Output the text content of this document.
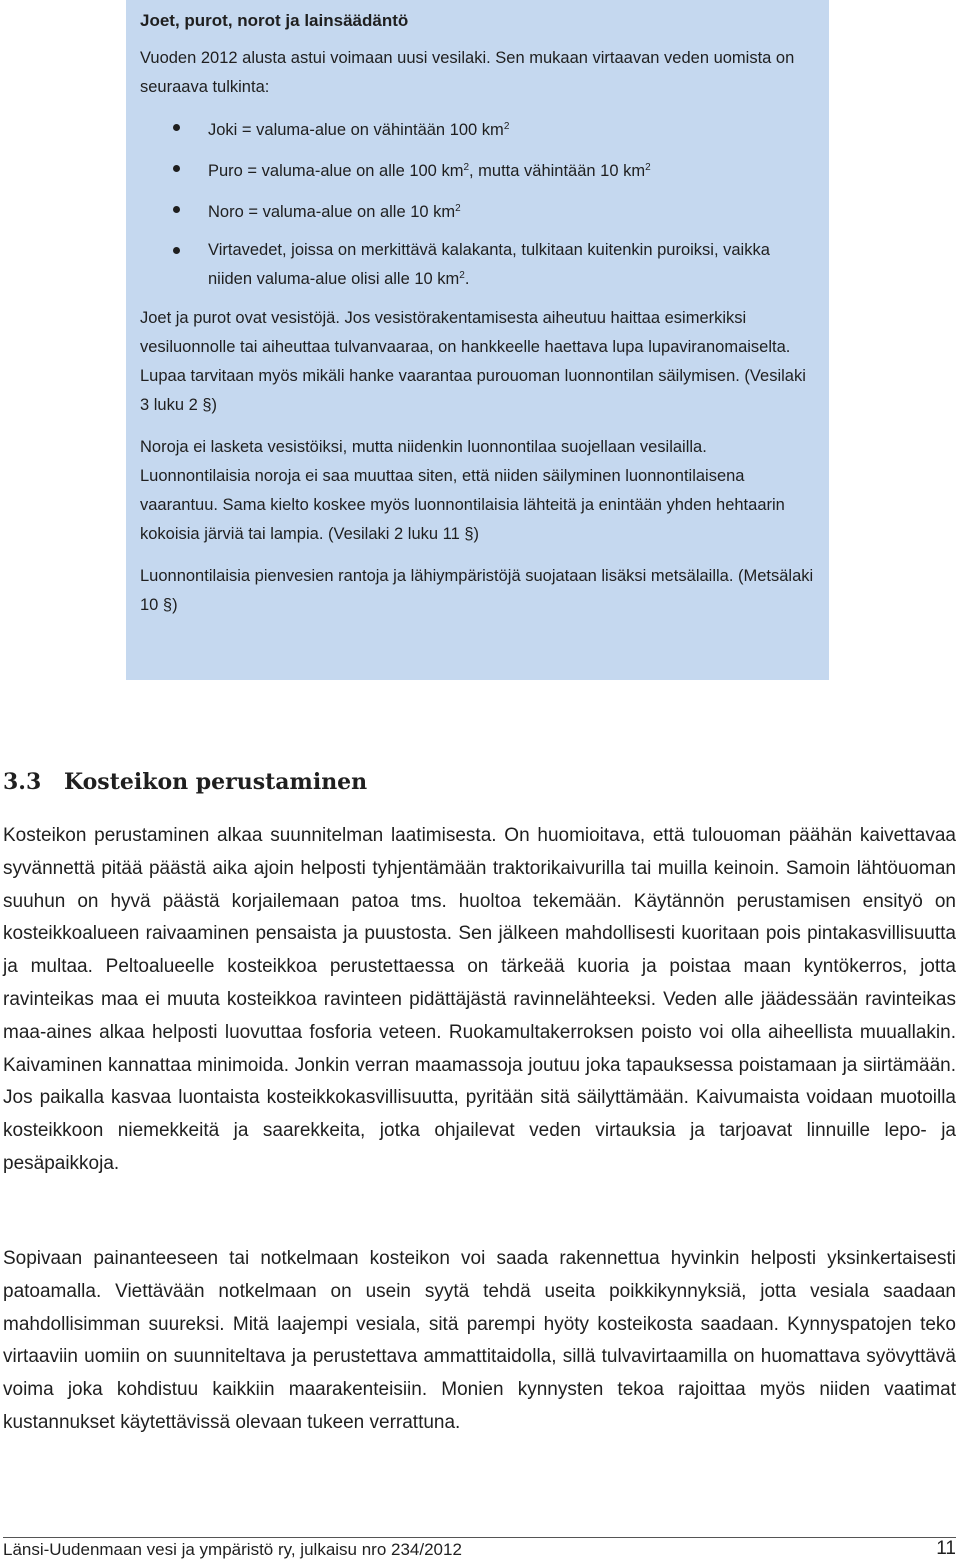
Joet, purot, norot ja lainsäädäntö

Vuoden 2012 alusta astui voimaan uusi vesilaki. Sen mukaan virtaavan veden uomista on seuraava tulkinta:

Joki = valuma-alue on vähintään 100 $km^2$
Puro = valuma-alue on alle 100 $km^2$, mutta vähintään 10 $km^2$
Noro = valuma-alue on alle 10 $km^2$
Virtavedet, joissa on merkittävä kalakanta, tulkitaan kuitenkin puroiksi, vaikka niiden valuma-alue olisi alle 10 $km^2$.

Joet ja purot ovat vesistöjä. Jos vesistörakentamisesta aiheutuu haittaa esimerkiksi vesiluonnolle tai aiheuttaa tulvanvaaraa, on hankkeelle haettava lupa lupaviranomaiselta. Lupaa tarvitaan myös mikäli hanke vaarantaa purouoman luonnontilan säilymisen. (Vesilaki 3 luku 2 §)

Noroja ei lasketa vesistöiksi, mutta niidenkin luonnontilaa suojellaan vesilailla. Luonnontilaisia noroja ei saa muuttaa siten, että niiden säilyminen luonnontilaisena vaarantuu. Sama kielto koskee myös luonnontilaisia lähteitä ja enintään yhden hehtaarin kokoisia järviä tai lampia. (Vesilaki 2 luku 11 §)

Luonnontilaisia pienvesien rantoja ja lähiympäristöjä suojataan lisäksi metsälailla. (Metsälaki 10 §)

3.3 Kosteikon perustaminen

Kosteikon perustaminen alkaa suunnitelman laatimisesta. On huomioitava, että tulouoman päähän kaivettavaa syvännettä pitää päästä aika ajoin helposti tyhjentämään traktorikaivurilla tai muilla keinoin. Samoin lähtöuoman suuhun on hyvä päästä korjailemaan patoa tms. huoltoa tekemään. Käytännön perustamisen ensityö on kosteikkoalueen raivaaminen pensaista ja puustosta. Sen jälkeen mahdollisesti kuoritaan pois pintakasvillisuutta ja multaa. Peltoalueelle kosteikkoa perustettaessa on tärkeää kuoria ja poistaa maan kyntökerros, jotta ravinteikas maa ei muuta kosteikkoa ravinteen pidättäjästä ravinnelähteeksi. Veden alle jäädessään ravinteikas maa-aines alkaa helposti luovuttaa fosforia veteen. Ruokamultakerroksen poisto voi olla aiheellista muuallakin. Kaivaminen kannattaa minimoida. Jonkin verran maamassoja joutuu joka tapauksessa poistamaan ja siirtämään. Jos paikalla kasvaa luontaista kosteikkokasvillisuutta, pyritään sitä säilyttämään. Kaivumaista voidaan muotoilla kosteikkoon niemekkeitä ja saarekkeita, jotka ohjailevat veden virtauksia ja tarjoavat linnuille lepo- ja pesäpaikkoja.

Sopivaan painanteeseen tai notkelmaan kosteikon voi saada rakennettua hyvinkin helposti yksinkertaisesti patoamalla. Viettävään notkelmaan on usein syytä tehdä useita poikkikynnyksiä, jotta vesiala saadaan mahdollisimman suureksi. Mitä laajempi vesiala, sitä parempi hyöty kosteikosta saadaan. Kynnyspatojen teko virtaaviin uomiin on suunniteltava ja perustettava ammattitaidolla, sillä tulvavirtaamilla on huomattava syövyttävä voima joka kohdistuu kaikkiin maarakenteisiin. Monien kynnysten tekoa rajoittaa myös niiden vaatimat kustannukset käytettävissä olevaan tukeen verrattuna.

Länsi-Uudenmaan vesi ja ympäristö ry, julkaisu nro 234/2012	11
